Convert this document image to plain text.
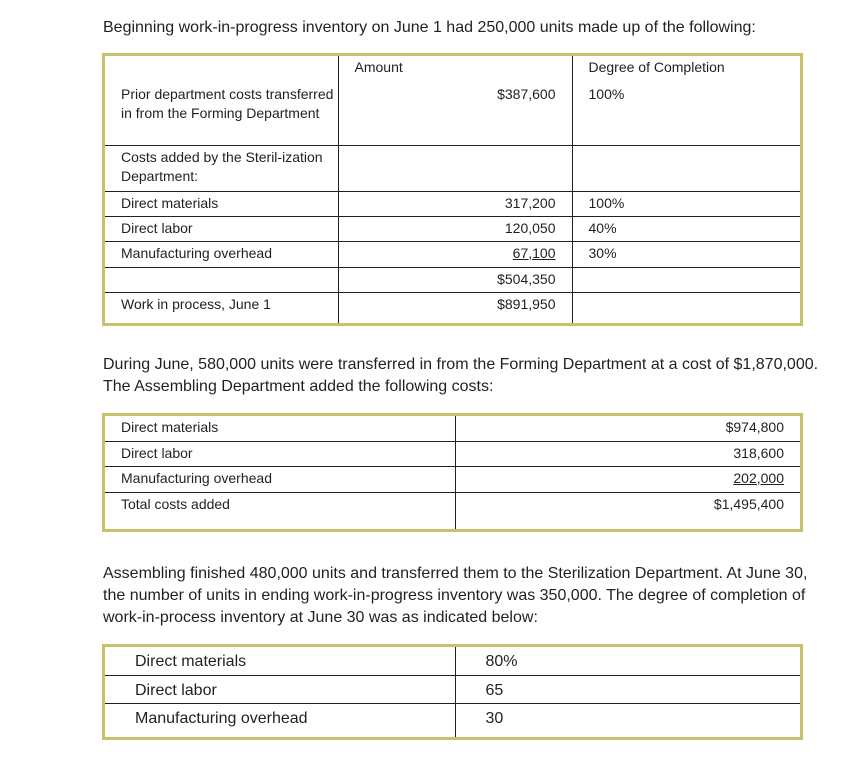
Beginning work-in-progress inventory on June 1 had 250,000 units made up of the following:

	Amount	Degree of Completion
Prior department costs transferred in from the Forming Department	$387,600	100%
Costs added by the Steril-ization Department:		
Direct materials	317,200	100%
Direct labor	120,050	40%
Manufacturing overhead	67,100	30%
	$504,350	
Work in process, June 1	$891,950	

During June, 580,000 units were transferred in from the Forming Department at a cost of $1,870,000. The Assembling Department added the following costs:

Direct materials	$974,800
Direct labor	318,600
Manufacturing overhead	202,000
Total costs added	$1,495,400

Assembling finished 480,000 units and transferred them to the Sterilization Department. At June 30, the number of units in ending work-in-progress inventory was 350,000. The degree of completion of work-in-process inventory at June 30 was as indicated below:

Direct materials	80%
Direct labor	65
Manufacturing overhead	30
